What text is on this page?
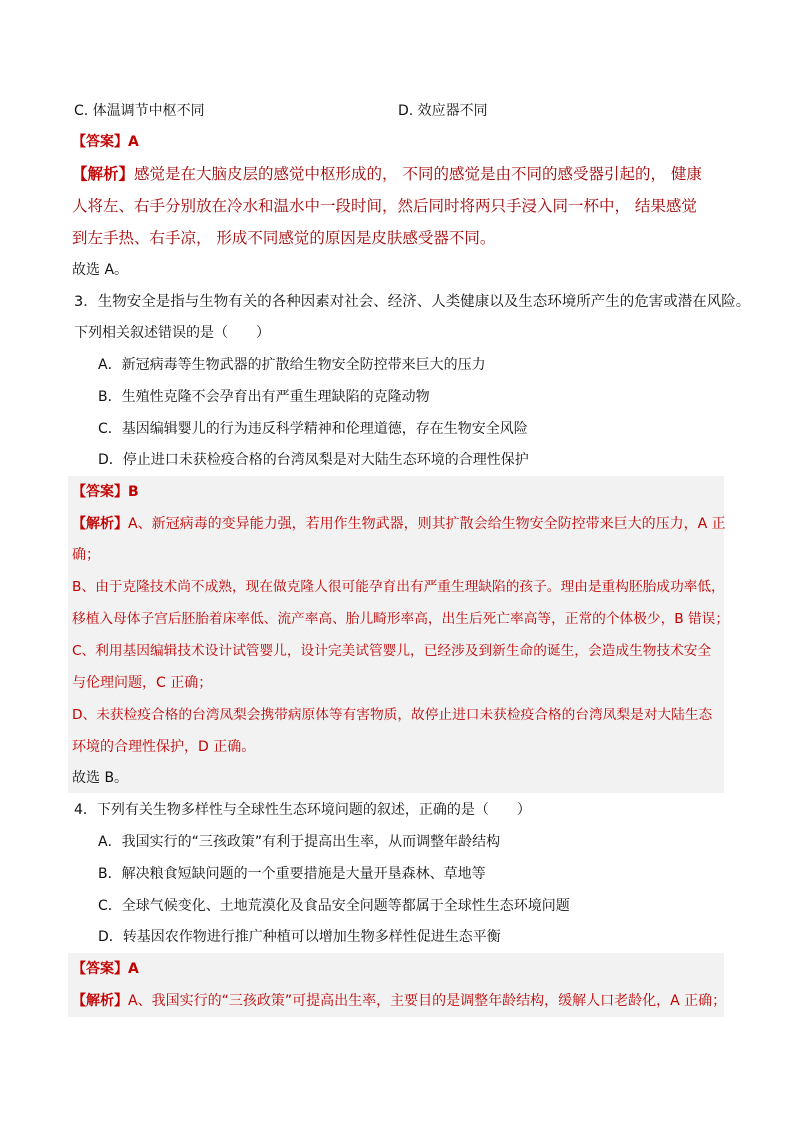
C. 体温调节中枢不同	D. 效应器不同
【答案】A
【解析】感觉是在大脑皮层的感觉中枢形成的， 不同的感觉是由不同的感受器引起的， 健康
人将左、右手分别放在冷水和温水中一段时间，然后同时将两只手浸入同一杯中， 结果感觉
到左手热、右手凉， 形成不同感觉的原因是皮肤感受器不同。
故选 A。
3．生物安全是指与生物有关的各种因素对社会、经济、人类健康以及生态环境所产生的危害或潜在风险。
下列相关叙述错误的是（　　）
A．新冠病毒等生物武器的扩散给生物安全防控带来巨大的压力
B．生殖性克隆不会孕育出有严重生理缺陷的克隆动物
C．基因编辑婴儿的行为违反科学精神和伦理道德，存在生物安全风险
D．停止进口未获检疫合格的台湾凤梨是对大陆生态环境的合理性保护
【答案】B
【解析】A、新冠病毒的变异能力强，若用作生物武器，则其扩散会给生物安全防控带来巨大的压力，A 正
确；
B、由于克隆技术尚不成熟，现在做克隆人很可能孕育出有严重生理缺陷的孩子。理由是重构胚胎成功率低，
移植入母体子宫后胚胎着床率低、流产率高、胎儿畸形率高，出生后死亡率高等，正常的个体极少，B 错误；
C、利用基因编辑技术设计试管婴儿，设计完美试管婴儿，已经涉及到新生命的诞生，会造成生物技术安全
与伦理问题，C 正确；
D、未获检疫合格的台湾凤梨会携带病原体等有害物质，故停止进口未获检疫合格的台湾凤梨是对大陆生态
环境的合理性保护，D 正确。
故选 B。
4．下列有关生物多样性与全球性生态环境问题的叙述，正确的是（　　）
A．我国实行的“三孩政策”有利于提高出生率，从而调整年龄结构
B．解决粮食短缺问题的一个重要措施是大量开垦森林、草地等
C．全球气候变化、土地荒漠化及食品安全问题等都属于全球性生态环境问题
D．转基因农作物进行推广种植可以增加生物多样性促进生态平衡
【答案】A
【解析】A、我国实行的“三孩政策”可提高出生率，主要目的是调整年龄结构，缓解人口老龄化，A 正确；
